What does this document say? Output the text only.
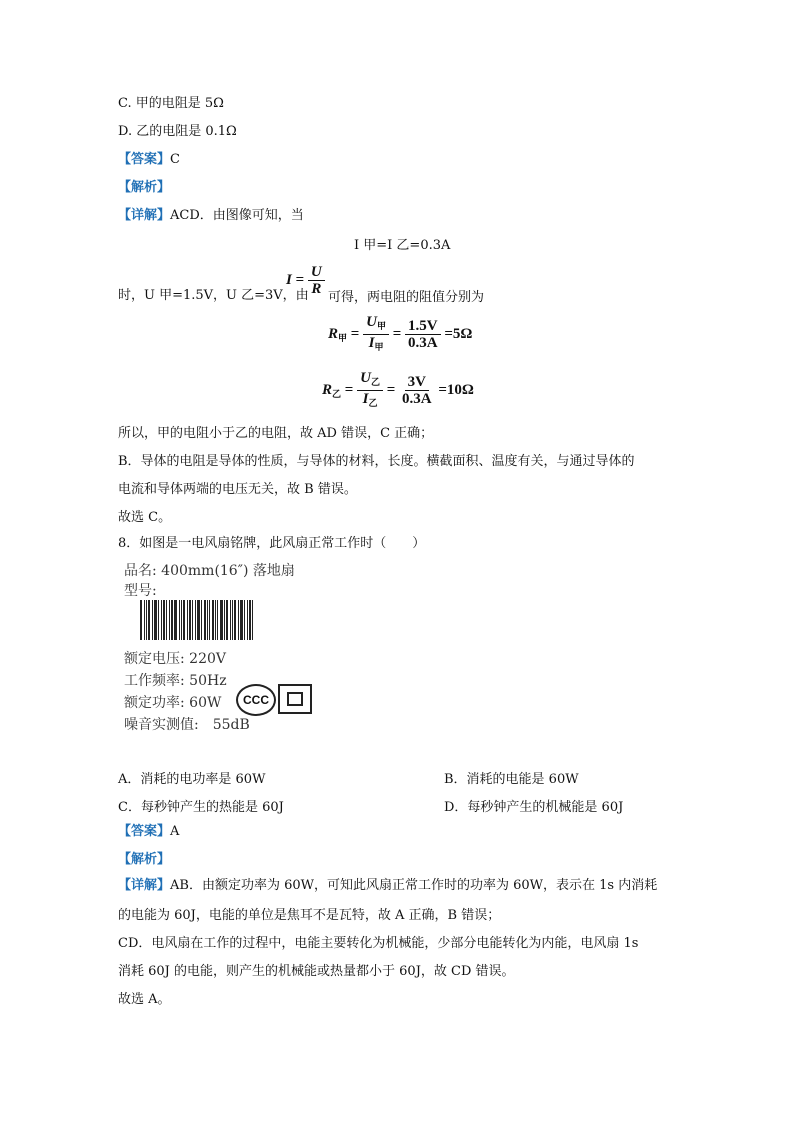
C. 甲的电阻是 5Ω
D. 乙的电阻是 0.1Ω
【答案】C
【解析】
【详解】ACD．由图像可知，当
I 甲=I 乙=0.3A
时，U 甲=1.5V，U 乙=3V，由
$I = \frac{U}{R}$
可得，两电阻的阻值分别为
$R_甲 = \frac{U_甲}{I_甲} = \frac{1.5V}{0.3A} =5\Omega$
$R_乙 = \frac{U_乙}{I_乙} = \frac{3V}{0.3A} =10\Omega$
所以，甲的电阻小于乙的电阻，故 AD 错误，C 正确；
B．导体的电阻是导体的性质，与导体的材料，长度。横截面积、温度有关，与通过导体的
电流和导体两端的电压无关，故 B 错误。
故选 C。
8．如图是一电风扇铭牌，此风扇正常工作时（　　）
品名: 400mm(16″) 落地扇
型号:
额定电压: 220V
工作频率: 50Hz
额定功率: 60W
噪音实测值:　55dB
CCC
A．消耗的电功率是 60W	B．消耗的电能是 60W
C．每秒钟产生的热能是 60J	D．每秒钟产生的机械能是 60J
【答案】A
【解析】
【详解】AB．由额定功率为 60W，可知此风扇正常工作时的功率为 60W，表示在 1s 内消耗
的电能为 60J，电能的单位是焦耳不是瓦特，故 A 正确，B 错误；
CD．电风扇在工作的过程中，电能主要转化为机械能，少部分电能转化为内能，电风扇 1s
消耗 60J 的电能，则产生的机械能或热量都小于 60J，故 CD 错误。
故选 A。
